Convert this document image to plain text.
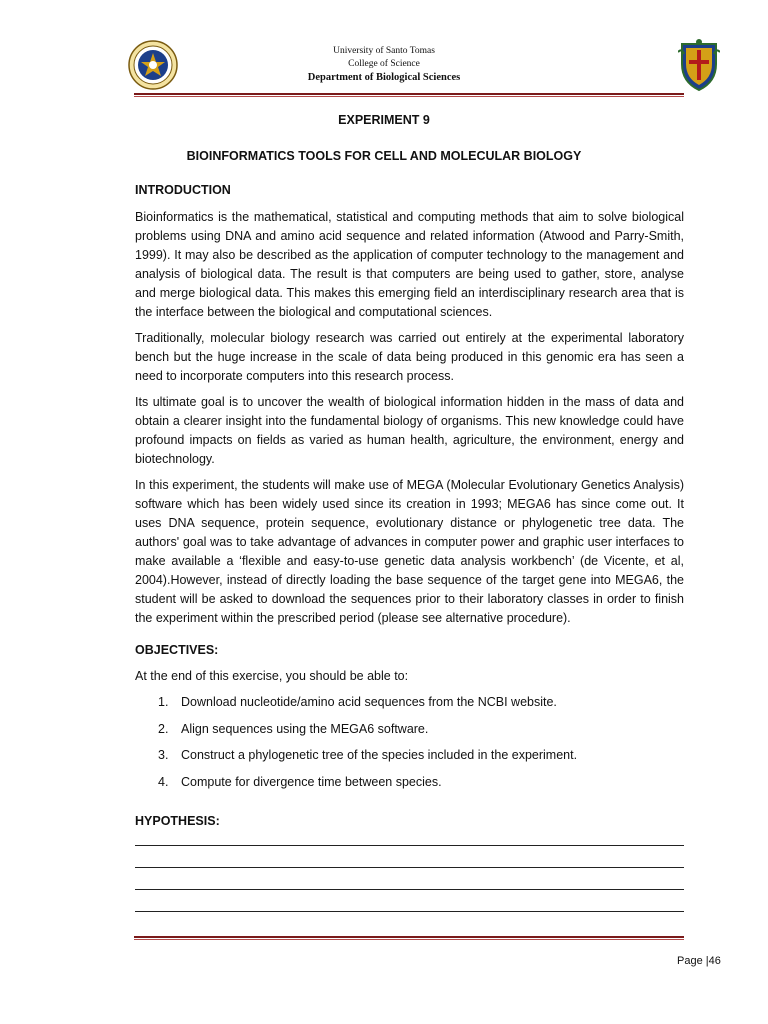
University of Santo Tomas
College of Science
Department of Biological Sciences
EXPERIMENT 9
BIOINFORMATICS TOOLS FOR CELL AND MOLECULAR BIOLOGY
INTRODUCTION

Bioinformatics is the mathematical, statistical and computing methods that aim to solve biological problems using DNA and amino acid sequence and related information (Atwood and Parry-Smith, 1999). It may also be described as the application of computer technology to the management and analysis of biological data. The result is that computers are being used to gather, store, analyse and merge biological data. This makes this emerging field an interdisciplinary research area that is the interface between the biological and computational sciences.

Traditionally, molecular biology research was carried out entirely at the experimental laboratory bench but the huge increase in the scale of data being produced in this genomic era has seen a need to incorporate computers into this research process.

Its ultimate goal is to uncover the wealth of biological information hidden in the mass of data and obtain a clearer insight into the fundamental biology of organisms. This new knowledge could have profound impacts on fields as varied as human health, agriculture, the environment, energy and biotechnology.

In this experiment, the students will make use of MEGA (Molecular Evolutionary Genetics Analysis) software which has been widely used since its creation in 1993; MEGA6 has since come out. It uses DNA sequence, protein sequence, evolutionary distance or phylogenetic tree data. The authors' goal was to take advantage of advances in computer power and graphic user interfaces to make available a ‘flexible and easy-to-use genetic data analysis workbench’ (de Vicente, et al, 2004).However, instead of directly loading the base sequence of the target gene into MEGA6, the student will be asked to download the sequences prior to their laboratory classes in order to finish the experiment within the prescribed period (please see alternative procedure).

OBJECTIVES:

At the end of this exercise, you should be able to:

1. Download nucleotide/amino acid sequences from the NCBI website.
2. Align sequences using the MEGA6 software.
3. Construct a phylogenetic tree of the species included in the experiment.
4. Compute for divergence time between species.
HYPOTHESIS:
Page |46
